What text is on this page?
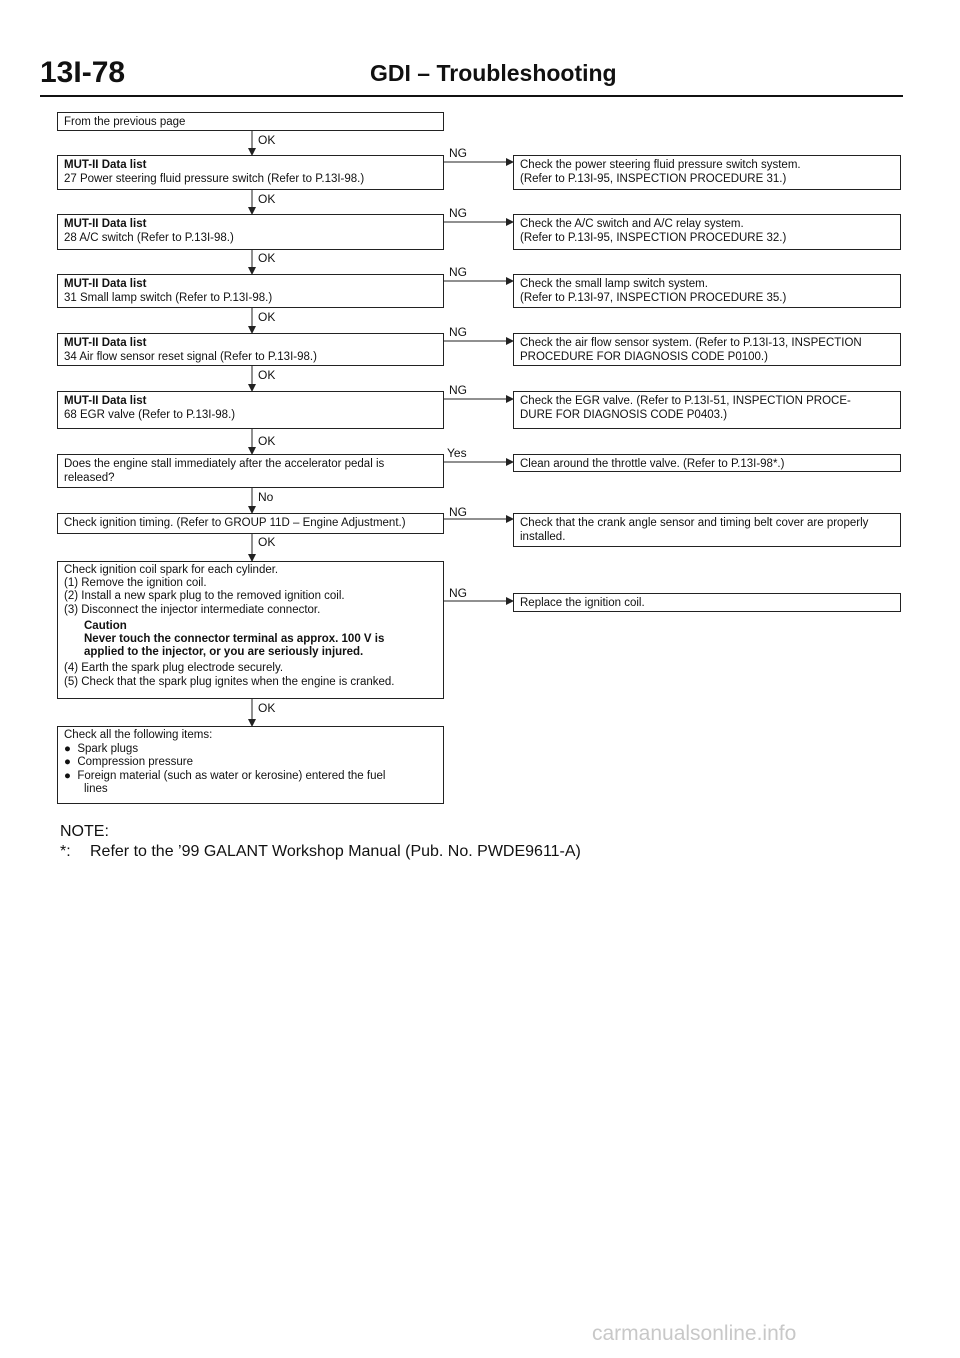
13I-78	GDI – Troubleshooting
From the previous page
OK
NG
MUT-II Data list
27 Power steering fluid pressure switch (Refer to P.13I-98.)
Check the power steering fluid pressure switch system.
(Refer to P.13I-95, INSPECTION PROCEDURE 31.)
OK
NG
MUT-II Data list
28 A/C switch (Refer to P.13I-98.)
Check the A/C switch and A/C relay system.
(Refer to P.13I-95, INSPECTION PROCEDURE 32.)
OK
NG
MUT-II Data list
31 Small lamp switch (Refer to P.13I-98.)
Check the small lamp switch system.
(Refer to P.13I-97, INSPECTION PROCEDURE 35.)
OK
NG
MUT-II Data list
34 Air flow sensor reset signal (Refer to P.13I-98.)
Check the air flow sensor system. (Refer to P.13I-13, INSPECTION
PROCEDURE FOR DIAGNOSIS CODE P0100.)
OK
NG
MUT-II Data list
68 EGR valve (Refer to P.13I-98.)
Check the EGR valve. (Refer to P.13I-51, INSPECTION PROCE-
DURE FOR DIAGNOSIS CODE P0403.)
OK
Yes
Does the engine stall immediately after the accelerator pedal is
released?
Clean around the throttle valve. (Refer to P.13I-98*.)
No
NG
Check ignition timing. (Refer to GROUP 11D – Engine Adjustment.)	Check that the crank angle sensor and timing belt cover are properly
installed.
OK
NG
Check ignition coil spark for each cylinder.
(1) Remove the ignition coil.
(2) Install a new spark plug to the removed ignition coil.
(3) Disconnect the injector intermediate connector.
Caution
Never touch the connector terminal as approx. 100 V is
applied to the injector, or you are seriously injured.
(4) Earth the spark plug electrode securely.
(5) Check that the spark plug ignites when the engine is cranked.
Replace the ignition coil.
OK
Check all the following items:
●  Spark plugs
●  Compression pressure
●  Foreign material (such as water or kerosine) entered the fuel
lines
NOTE:
*: Refer to the ’99 GALANT Workshop Manual (Pub. No. PWDE9611-A)
carmanualsonline.info
